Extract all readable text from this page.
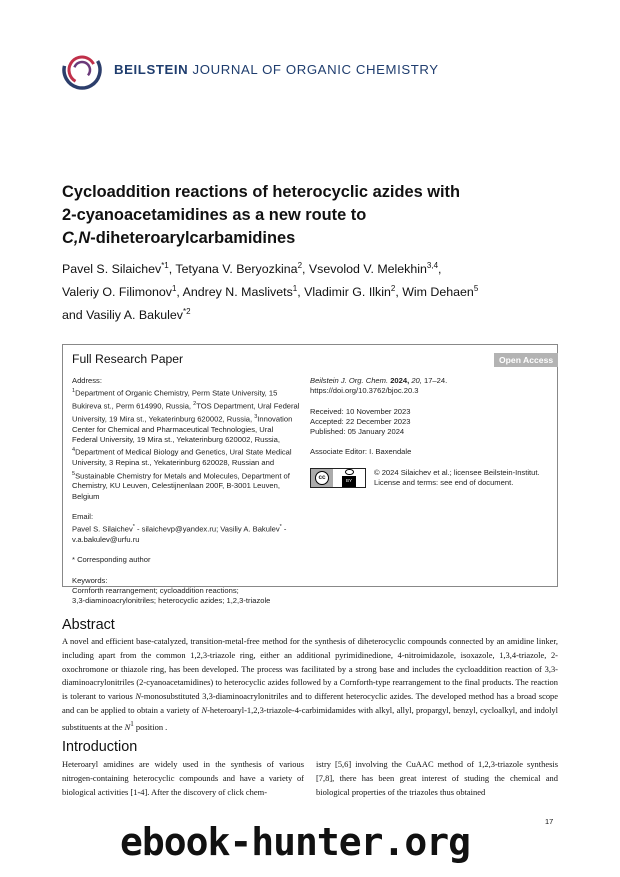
BEILSTEIN JOURNAL OF ORGANIC CHEMISTRY
Cycloaddition reactions of heterocyclic azides with
2-cyanoacetamidines as a new route to
C,N-diheteroarylcarbamidines
Pavel S. Silaichev$^{*1}$, Tetyana V. Beryozkina$^2$, Vsevolod V. Melekhin$^{3,4}$,
Valeriy O. Filimonov$^1$, Andrey N. Maslivets$^1$, Vladimir G. Ilkin$^2$, Wim Dehaen$^5$
and Vasiliy A. Bakulev$^{*2}$
Full Research Paper	Open Access
Address:
$^1$Department of Organic Chemistry, Perm State University, 15 Bukireva st., Perm 614990, Russia, $^2$TOS Department, Ural Federal University, 19 Mira st., Yekaterinburg 620002, Russia, $^3$Innovation Center for Chemical and Pharmaceutical Technologies, Ural Federal University, 19 Mira st., Yekaterinburg 620002, Russia, $^4$Department of Medical Biology and Genetics, Ural State Medical University, 3 Repina st., Yekaterinburg 620028, Russian and $^5$Sustainable Chemistry for Metals and Molecules, Department of Chemistry, KU Leuven, Celestijnenlaan 200F, B-3001 Leuven, Belgium
Email:
Pavel S. Silaichev* - silaichevp@yandex.ru; Vasiliy A. Bakulev* - v.a.bakulev@urfu.ru
* Corresponding author
Keywords:
Cornforth rearrangement; cycloaddition reactions;
3,3-diaminoacrylonitriles; heterocyclic azides; 1,2,3-triazole
Beilstein J. Org. Chem. 2024, 20, 17–24.
https://doi.org/10.3762/bjoc.20.3
Received: 10 November 2023
Accepted: 22 December 2023
Published: 05 January 2024
Associate Editor: I. Baxendale
cc
BY
© 2024 Silaichev et al.; licensee Beilstein-Institut.
License and terms: see end of document.
Abstract
A novel and efficient base-catalyzed, transition-metal-free method for the synthesis of diheterocyclic compounds connected by an amidine linker, including apart from the common 1,2,3-triazole ring, either an additional pyrimidinedione, 4-nitroimidazole, isoxazole, 1,3,4-triazole, 2-oxochromone or thiazole ring, has been developed. The process was facilitated by a strong base and includes the cycloaddition reaction of 3,3-diaminoacrylonitriles (2-cyanoacetamidines) to heterocyclic azides followed by a Cornforth-type rearrangement to the final products. The reaction is tolerant to various N-monosubstituted 3,3-diaminoacrylonitriles and to different heterocyclic azides. The developed method has a broad scope and can be applied to obtain a variety of N-heteroaryl-1,2,3-triazole-4-carbimidamides with alkyl, allyl, propargyl, benzyl, cycloalkyl, and indolyl substituents at the $N^1$ position .
Introduction
Heteroaryl amidines are widely used in the synthesis of various nitrogen-containing heterocyclic compounds and have a variety of biological activities [1-4]. After the discovery of click chem-
istry [5,6] involving the CuAAC method of 1,2,3-triazole synthesis [7,8], there has been great interest of studing the chemical and biological properties of the triazoles thus obtained
17
ebook-hunter.org
